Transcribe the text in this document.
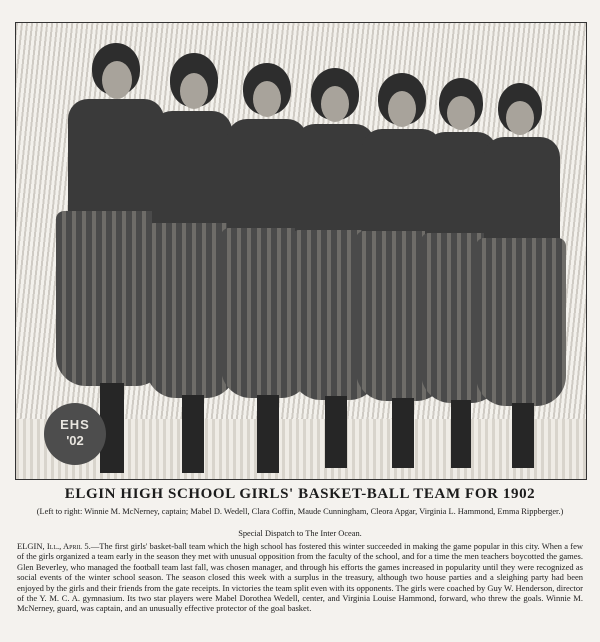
EHS
'02
ELGIN HIGH SCHOOL GIRLS' BASKET-BALL TEAM FOR 1902
(Left to right: Winnie M. McNerney, captain; Mabel D. Wedell, Clara Coffin, Maude Cunningham, Cleora Apgar, Virginia L. Hammond, Emma Rippberger.)
Special Dispatch to The Inter Ocean.
ELGIN, Ill., April 5.—The first girls' basket-ball team which the high school has fostered this winter succeeded in making the game popular in this city. When a few of the girls organized a team early in the season they met with unusual opposition from the faculty of the school, and for a time the men teachers boycotted the games. Glen Beverley, who managed the football team last fall, was chosen manager, and through his efforts the games increased in popularity until they were recognized as social events of the winter school season. The season closed this week with a surplus in the treasury, although two house parties and a sleighing party had been enjoyed by the girls and their friends from the gate receipts. In victories the team split even with its opponents. The girls were coached by Guy W. Henderson, director of the Y. M. C. A. gymnasium. Its two star players were Mabel Dorothea Wedell, center, and Virginia Louise Hammond, forward, who threw the goals. Winnie M. McNerney, guard, was captain, and an unusually effective protector of the goal basket.
